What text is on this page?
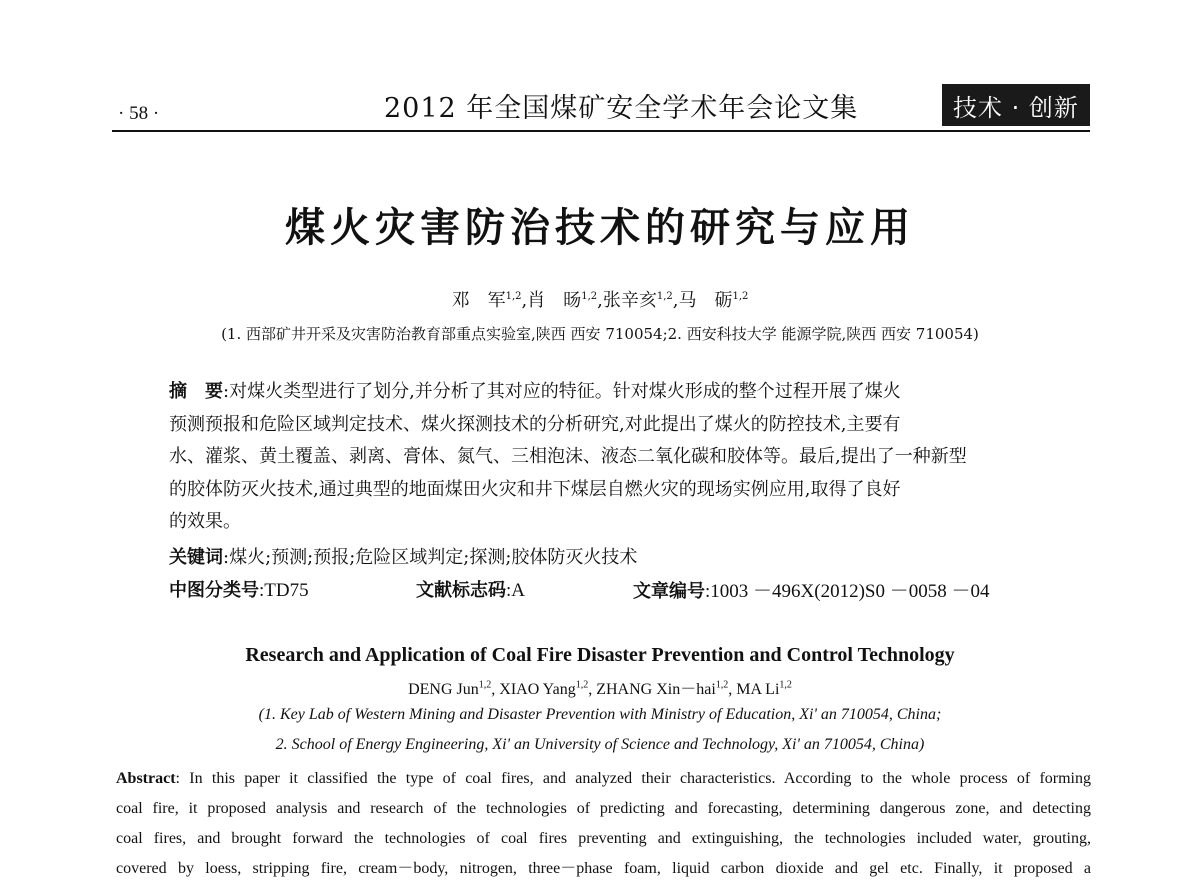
· 58 ·	2012 年全国煤矿安全学术年会论文集	技术 · 创新
煤火灾害防治技术的研究与应用
邓　军$^{1,2}$,肖　旸$^{1,2}$,张辛亥$^{1,2}$,马　砺$^{1,2}$
(1. 西部矿井开采及灾害防治教育部重点实验室,陕西 西安 710054;2. 西安科技大学 能源学院,陕西 西安 710054)
摘　要:对煤火类型进行了划分,并分析了其对应的特征。针对煤火形成的整个过程开展了煤火
预测预报和危险区域判定技术、煤火探测技术的分析研究,对此提出了煤火的防控技术,主要有
水、灌浆、黄土覆盖、剥离、膏体、氮气、三相泡沫、液态二氧化碳和胶体等。最后,提出了一种新型
的胶体防灭火技术,通过典型的地面煤田火灾和井下煤层自燃火灾的现场实例应用,取得了良好
的效果。
关键词:煤火;预测;预报;危险区域判定;探测;胶体防灭火技术
中图分类号:TD75	文献标志码:A	文章编号:1003 －496X(2012)S0 －0058 －04
Research and Application of Coal Fire Disaster Prevention and Control Technology
DENG Jun$^{1,2}$, XIAO Yang$^{1,2}$, ZHANG Xin－hai$^{1,2}$, MA Li$^{1,2}$
(1. Key Lab of Western Mining and Disaster Prevention with Ministry of Education, Xi' an 710054, China;
2. School of Energy Engineering, Xi' an University of Science and Technology, Xi' an 710054, China)
Abstract: In this paper it classified the type of coal fires, and analyzed their characteristics. According to the whole process of forming
coal fire, it proposed analysis and research of the technologies of predicting and forecasting, determining dangerous zone, and detecting
coal fires, and brought forward the technologies of coal fires preventing and extinguishing, the technologies included water, grouting,
covered by loess, stripping fire, cream－body, nitrogen, three－phase foam, liquid carbon dioxide and gel etc. Finally, it proposed a
